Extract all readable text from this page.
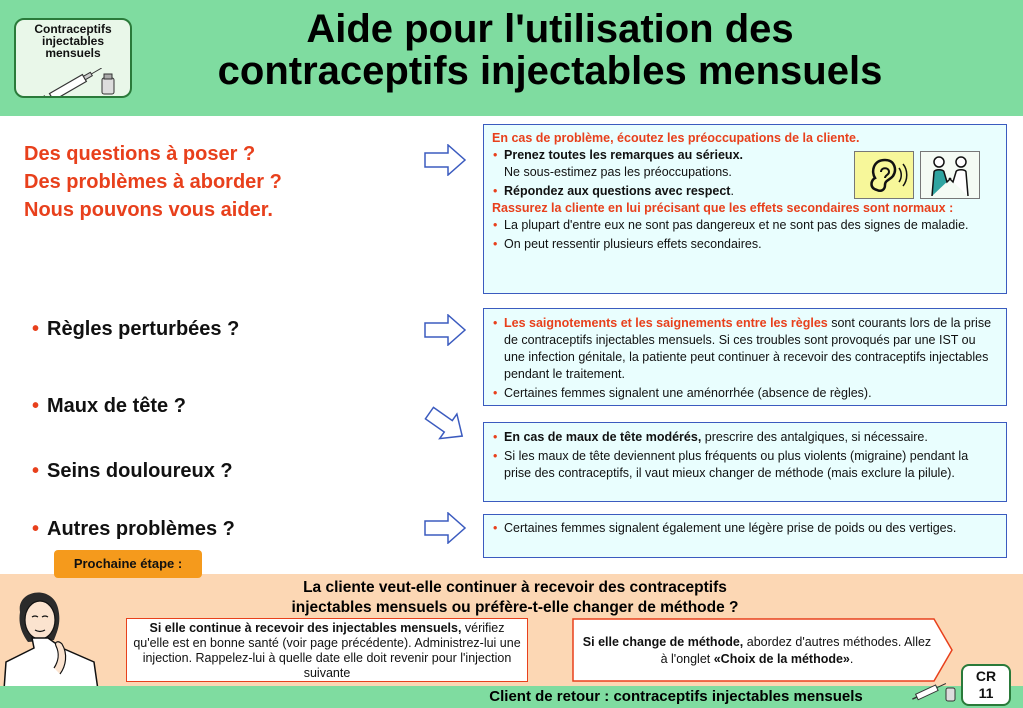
Contraceptifs
injectables
mensuels
Aide pour l'utilisation des
contraceptifs injectables mensuels
Des questions à poser ?
Des problèmes à aborder ?
Nous pouvons vous aider.
En cas de problème, écoutez les préoccupations de la cliente.
• Prenez toutes les remarques au sérieux.
Ne sous-estimez pas les préoccupations.
• Répondez aux questions avec respect.
Rassurez la cliente en lui précisant que les effets secondaires sont normaux :
• La plupart d'entre eux ne sont pas dangereux et ne sont pas des signes de maladie.
• On peut ressentir plusieurs effets secondaires.
• Règles perturbées ?
• Maux de tête ?
• Seins douloureux ?
• Autres problèmes ?
• Les saignotements et les saignements entre les règles sont courants lors de la prise de contraceptifs injectables mensuels. Si ces troubles sont provoqués par une IST ou une infection génitale, la patiente peut continuer à recevoir des contraceptifs injectables pendant le traitement.
• Certaines femmes signalent une aménorrhée (absence de règles).
• En cas de maux de tête modérés, prescrire des antalgiques, si nécessaire.
• Si les maux de tête deviennent plus fréquents ou plus violents (migraine) pendant la prise des contraceptifs, il vaut mieux changer de méthode (mais exclure la pilule).
• Certaines femmes signalent également une légère prise de poids ou des vertiges.
La cliente veut-elle continuer à recevoir des contraceptifs
injectables mensuels ou préfère-t-elle changer de méthode ?
Si elle continue à recevoir des injectables mensuels, vérifiez qu'elle est en bonne santé (voir page précédente). Administrez-lui une injection. Rappelez-lui à quelle date elle doit revenir pour l'injection suivante
Si elle change de méthode, abordez d'autres méthodes. Allez à l'onglet «Choix de la méthode».
Prochaine étape :
Client de retour : contraceptifs injectables mensuels
CR
11
